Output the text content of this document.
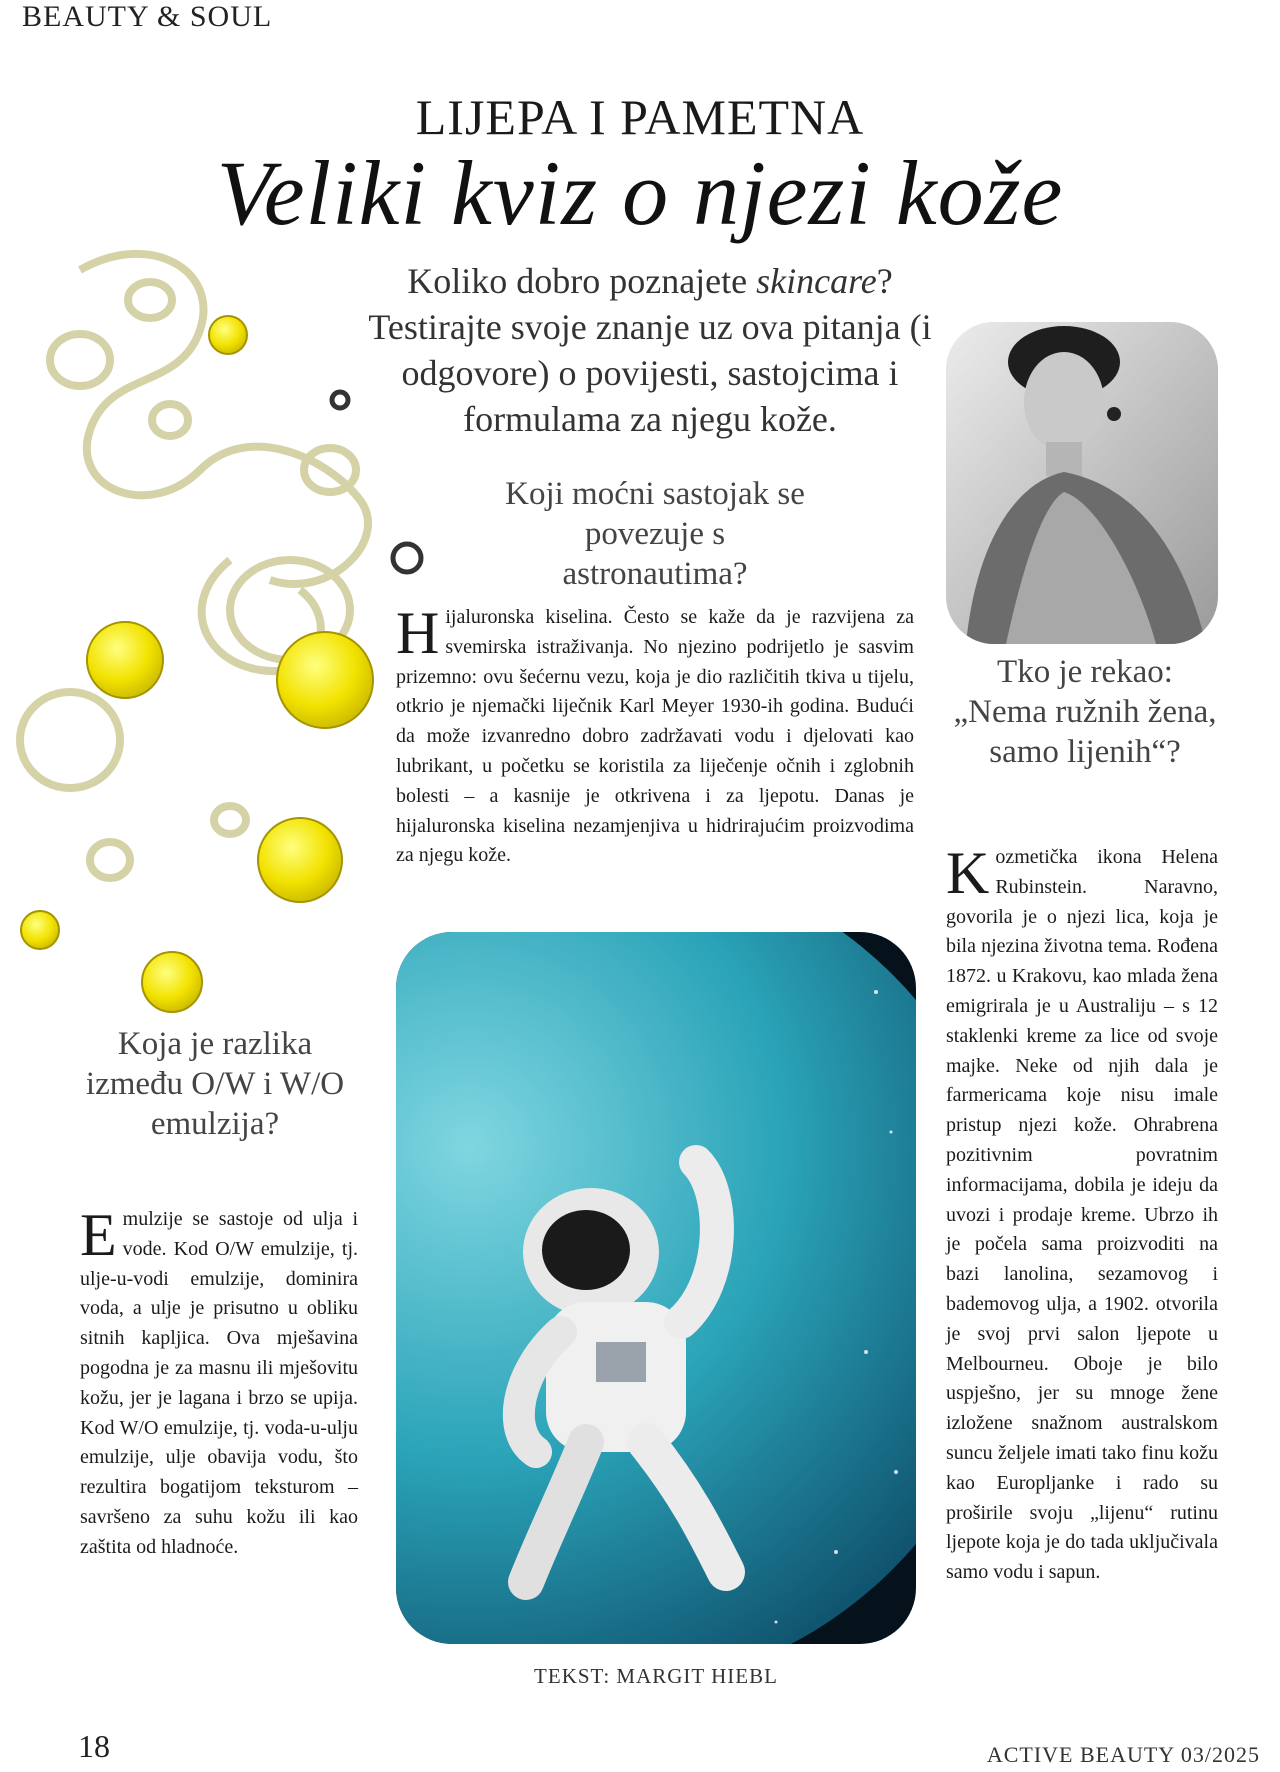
BEAUTY & SOUL
LIJEPA I PAMETNA
Veliki kviz o njezi kože
Koliko dobro poznajete skincare? Testirajte svoje znanje uz ova pitanja (i odgovore) o povijesti, sastojcima i formulama za njegu kože.
Koji moćni sastojak se povezuje s astronautima?
Hijaluronska kiselina. Često se kaže da je razvijena za svemirska istraživanja. No njezino podrijetlo je sasvim prizemno: ovu šećernu vezu, koja je dio različitih tkiva u tijelu, otkrio je njemački liječnik Karl Meyer 1930-ih godina. Budući da može izvanredno dobro zadržavati vodu i djelovati kao lubrikant, u početku se koristila za liječenje očnih i zglobnih bolesti – a kasnije je otkrivena i za ljepotu. Danas je hijaluronska kiselina nezamjenjiva u hidrirajućim proizvodima za njegu kože.
Tko je rekao: „Nema ružnih žena, samo lijenih“?
Kozmetička ikona Helena Rubinstein. Naravno, govorila je o njezi lica, koja je bila njezina životna tema. Rođena 1872. u Krakovu, kao mlada žena emigrirala je u Australiju – s 12 staklenki kreme za lice od svoje majke. Neke od njih dala je farmericama koje nisu imale pristup njezi kože. Ohrabrena pozitivnim povratnim informacijama, dobila je ideju da uvozi i prodaje kreme. Ubrzo ih je počela sama proizvoditi na bazi lanolina, sezamovog i bademovog ulja, a 1902. otvorila je svoj prvi salon ljepote u Melbourneu. Oboje je bilo uspješno, jer su mnoge žene izložene snažnom australskom suncu željele imati tako finu kožu kao Europljanke i rado su proširile svoju „lijenu“ rutinu ljepote koja je do tada uključivala samo vodu i sapun.
Koja je razlika između O/W i W/O emulzija?
Emulzije se sastoje od ulja i vode. Kod O/W emulzije, tj. ulje-u-vodi emulzije, dominira voda, a ulje je prisutno u obliku sitnih kapljica. Ova mješavina pogodna je za masnu ili mješovitu kožu, jer je lagana i brzo se upija. Kod W/O emulzije, tj. voda-u-ulju emulzije, ulje obavija vodu, što rezultira bogatijom teksturom – savršeno za suhu kožu ili kao zaštita od hladnoće.
TEKST: MARGIT HIEBL
18	ACTIVE BEAUTY 03/2025
